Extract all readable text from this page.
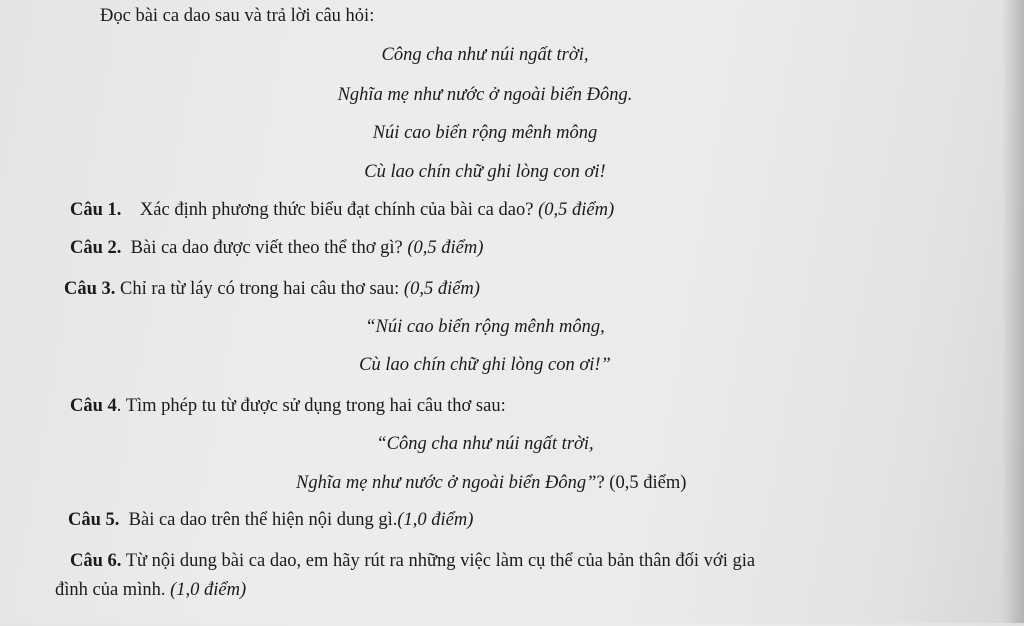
Đọc bài ca dao sau và trả lời câu hỏi:
Công cha như núi ngất trời,
Nghĩa mẹ như nước ở ngoài biển Đông.
Núi cao biển rộng mênh mông
Cù lao chín chữ ghi lòng con ơi!
Câu 1. Xác định phương thức biểu đạt chính của bài ca dao? (0,5 điểm)
Câu 2. Bài ca dao được viết theo thể thơ gì? (0,5 điểm)
Câu 3. Chỉ ra từ láy có trong hai câu thơ sau: (0,5 điểm)
“Núi cao biển rộng mênh mông,
Cù lao chín chữ ghi lòng con ơi!”
Câu 4. Tìm phép tu từ được sử dụng trong hai câu thơ sau:
“Công cha như núi ngất trời,
Nghĩa mẹ như nước ở ngoài biển Đông”? (0,5 điểm)
Câu 5. Bài ca dao trên thể hiện nội dung gì.(1,0 điểm)
Câu 6. Từ nội dung bài ca dao, em hãy rút ra những việc làm cụ thể của bản thân đối với gia
đình của mình. (1,0 điểm)
